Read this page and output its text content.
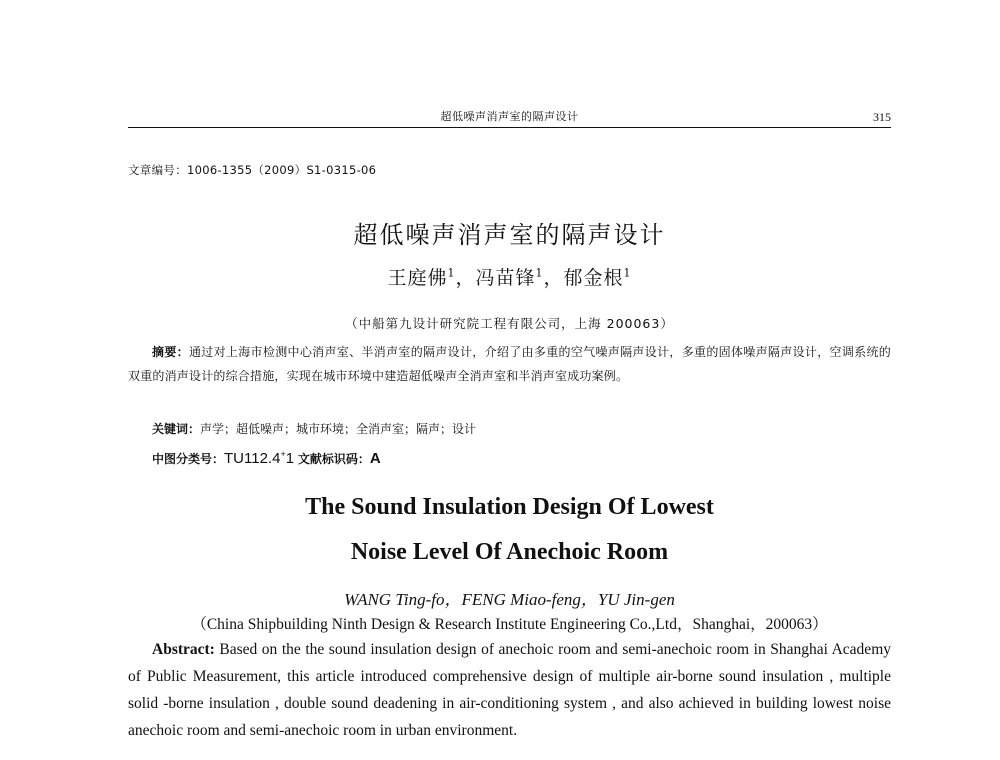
超低噪声消声室的隔声设计	315
文章编号：1006-1355（2009）S1-0315-06
超低噪声消声室的隔声设计
王庭佛$^1$，冯苗锋$^1$，郁金根$^1$
（中船第九设计研究院工程有限公司，上海 200063）
摘要：通过对上海市检测中心消声室、半消声室的隔声设计，介绍了由多重的空气噪声隔声设计，多重的固体噪声隔声设计，空调系统的双重的消声设计的综合措施，实现在城市环境中建造超低噪声全消声室和半消声室成功案例。
关键词：声学；超低噪声；城市环境；全消声室；隔声；设计
中图分类号：TU112.4+1 文献标识码：A
The Sound Insulation Design Of Lowest
Noise Level Of Anechoic Room
WANG Ting-fo，FENG Miao-feng，YU Jin-gen
（China Shipbuilding Ninth Design & Research Institute Engineering Co.,Ltd，Shanghai，200063）
Abstract: Based on the the sound insulation design of anechoic room and semi-anechoic room in Shanghai Academy of Public Measurement, this article introduced comprehensive design of multiple air-borne sound insulation , multiple solid -borne insulation , double sound deadening in air-conditioning system , and also achieved in building lowest noise anechoic room and semi-anechoic room in urban environment.
